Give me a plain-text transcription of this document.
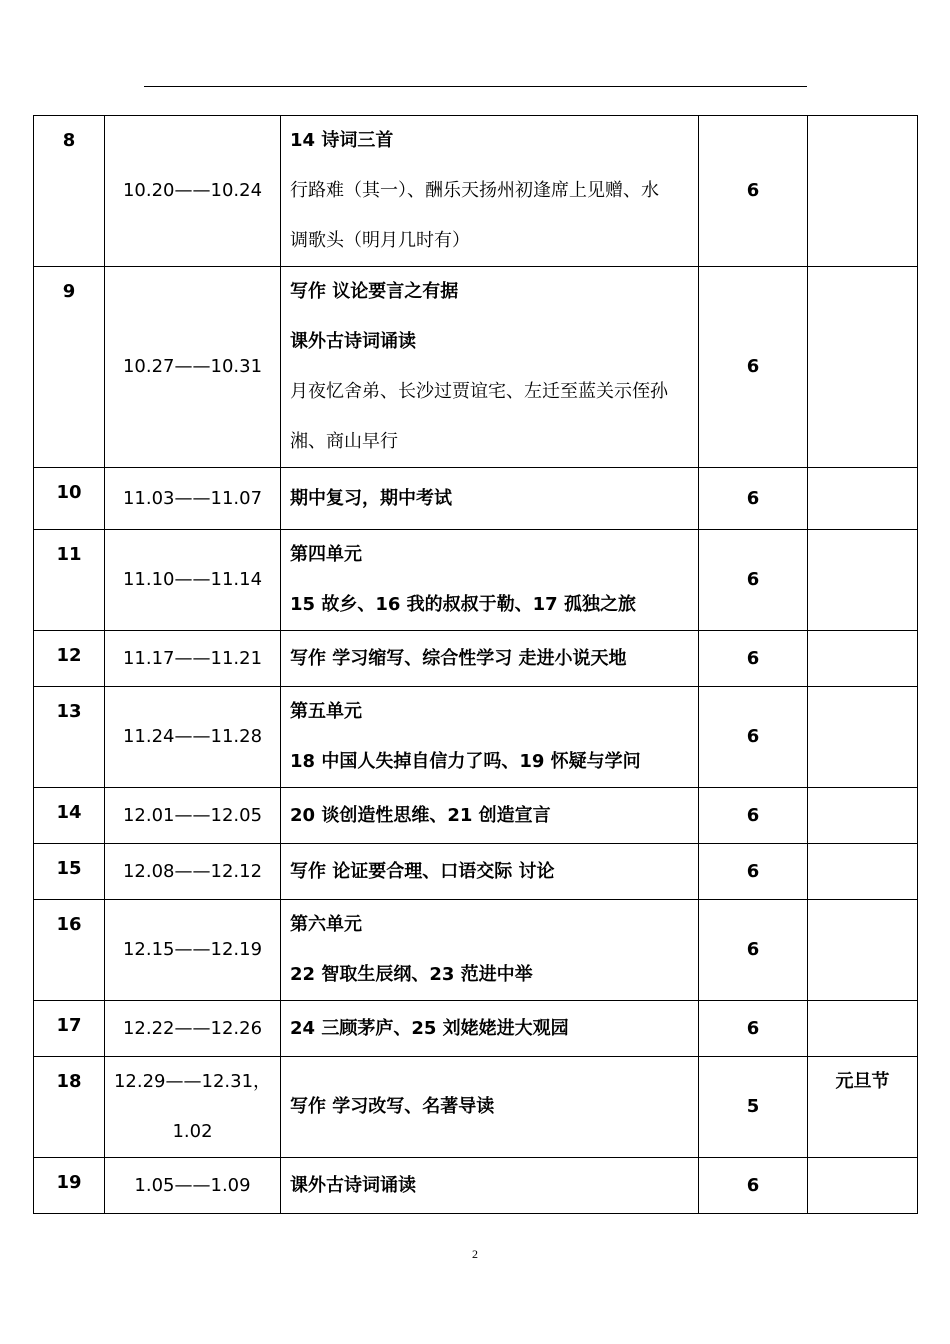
8	10.20——10.24	14 诗词三首
行路难（其一）、酬乐天扬州初逢席上见赠、水
调歌头（明月几时有）	6	
9	10.27——10.31	写作 议论要言之有据
课外古诗词诵读
月夜忆舍弟、长沙过贾谊宅、左迁至蓝关示侄孙
湘、商山早行	6	
10	11.03——11.07	期中复习，期中考试	6	
11	11.10——11.14	第四单元
15 故乡、16 我的叔叔于勒、17 孤独之旅	6	
12	11.17——11.21	写作 学习缩写、综合性学习 走进小说天地	6	
13	11.24——11.28	第五单元
18 中国人失掉自信力了吗、19 怀疑与学问	6	
14	12.01——12.05	20 谈创造性思维、21 创造宣言	6	
15	12.08——12.12	写作 论证要合理、口语交际 讨论	6	
16	12.15——12.19	第六单元
22 智取生辰纲、23 范进中举	6	
17	12.22——12.26	24 三顾茅庐、25 刘姥姥进大观园	6	
18	12.29——12.31，
1.02	写作 学习改写、名著导读	5	元旦节
19	1.05——1.09	课外古诗词诵读	6	
2
